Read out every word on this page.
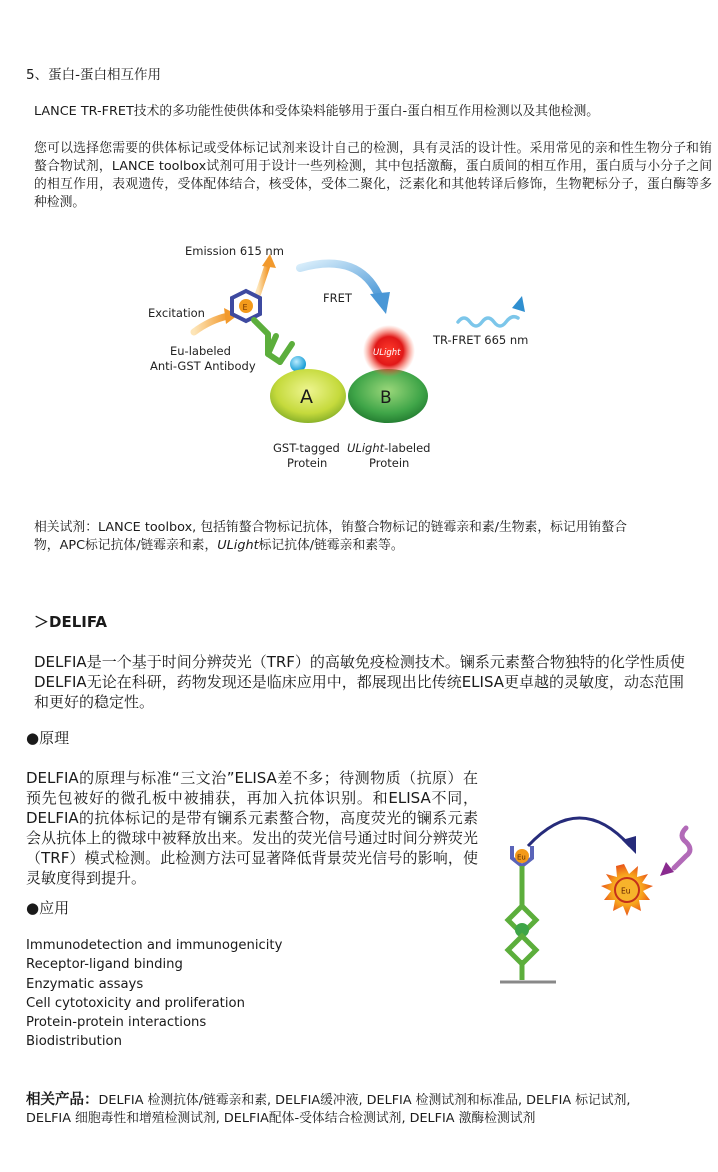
5、蛋白-蛋白相互作用
LANCE TR-FRET技术的多功能性使供体和受体染料能够用于蛋白-蛋白相互作用检测以及其他检测。
您可以选择您需要的供体标记或受体标记试剂来设计自己的检测，具有灵活的设计性。采用常见的亲和性生物分子和铕螯合物试剂，LANCE toolbox试剂可用于设计一些列检测，其中包括激酶，蛋白质间的相互作用，蛋白质与小分子之间的相互作用，表观遗传，受体配体结合，核受体，受体二聚化，泛素化和其他转译后修饰，生物靶标分子，蛋白酶等多种检测。
Emission 615 nm
FRET
Excitation
Eu-labeled
Anti-GST Antibody
E
A	B
ULight
TR-FRET 665 nm
GST-tagged
Protein
ULight-labeled
Protein
相关试剂：LANCE toolbox, 包括铕螯合物标记抗体，铕螯合物标记的链霉亲和素/生物素，标记用铕螯合物，APC标记抗体/链霉亲和素，ULight标记抗体/链霉亲和素等。
＞DELIFA
DELFIA是一个基于时间分辨荧光（TRF）的高敏免疫检测技术。镧系元素螯合物独特的化学性质使DELFIA无论在科研，药物发现还是临床应用中，都展现出比传统ELISA更卓越的灵敏度，动态范围和更好的稳定性。
●原理
DELFIA的原理与标准“三文治”ELISA差不多；待测物质（抗原）在预先包被好的微孔板中被捕获，再加入抗体识别。和ELISA不同，DELFIA的抗体标记的是带有镧系元素螯合物，高度荧光的镧系元素会从抗体上的微球中被释放出来。发出的荧光信号通过时间分辨荧光（TRF）模式检测。此检测方法可显著降低背景荧光信号的影响，使灵敏度得到提升。
●应用
Immunodetection and immunogenicity
Receptor-ligand binding
Enzymatic assays
Cell cytotoxicity and proliferation
Protein-protein interactions
Biodistribution
Eu
Eu
相关产品：DELFIA 检测抗体/链霉亲和素, DELFIA缓冲液, DELFIA 检测试剂和标准品, DELFIA 标记试剂, DELFIA 细胞毒性和增殖检测试剂, DELFIA配体-受体结合检测试剂, DELFIA 激酶检测试剂
